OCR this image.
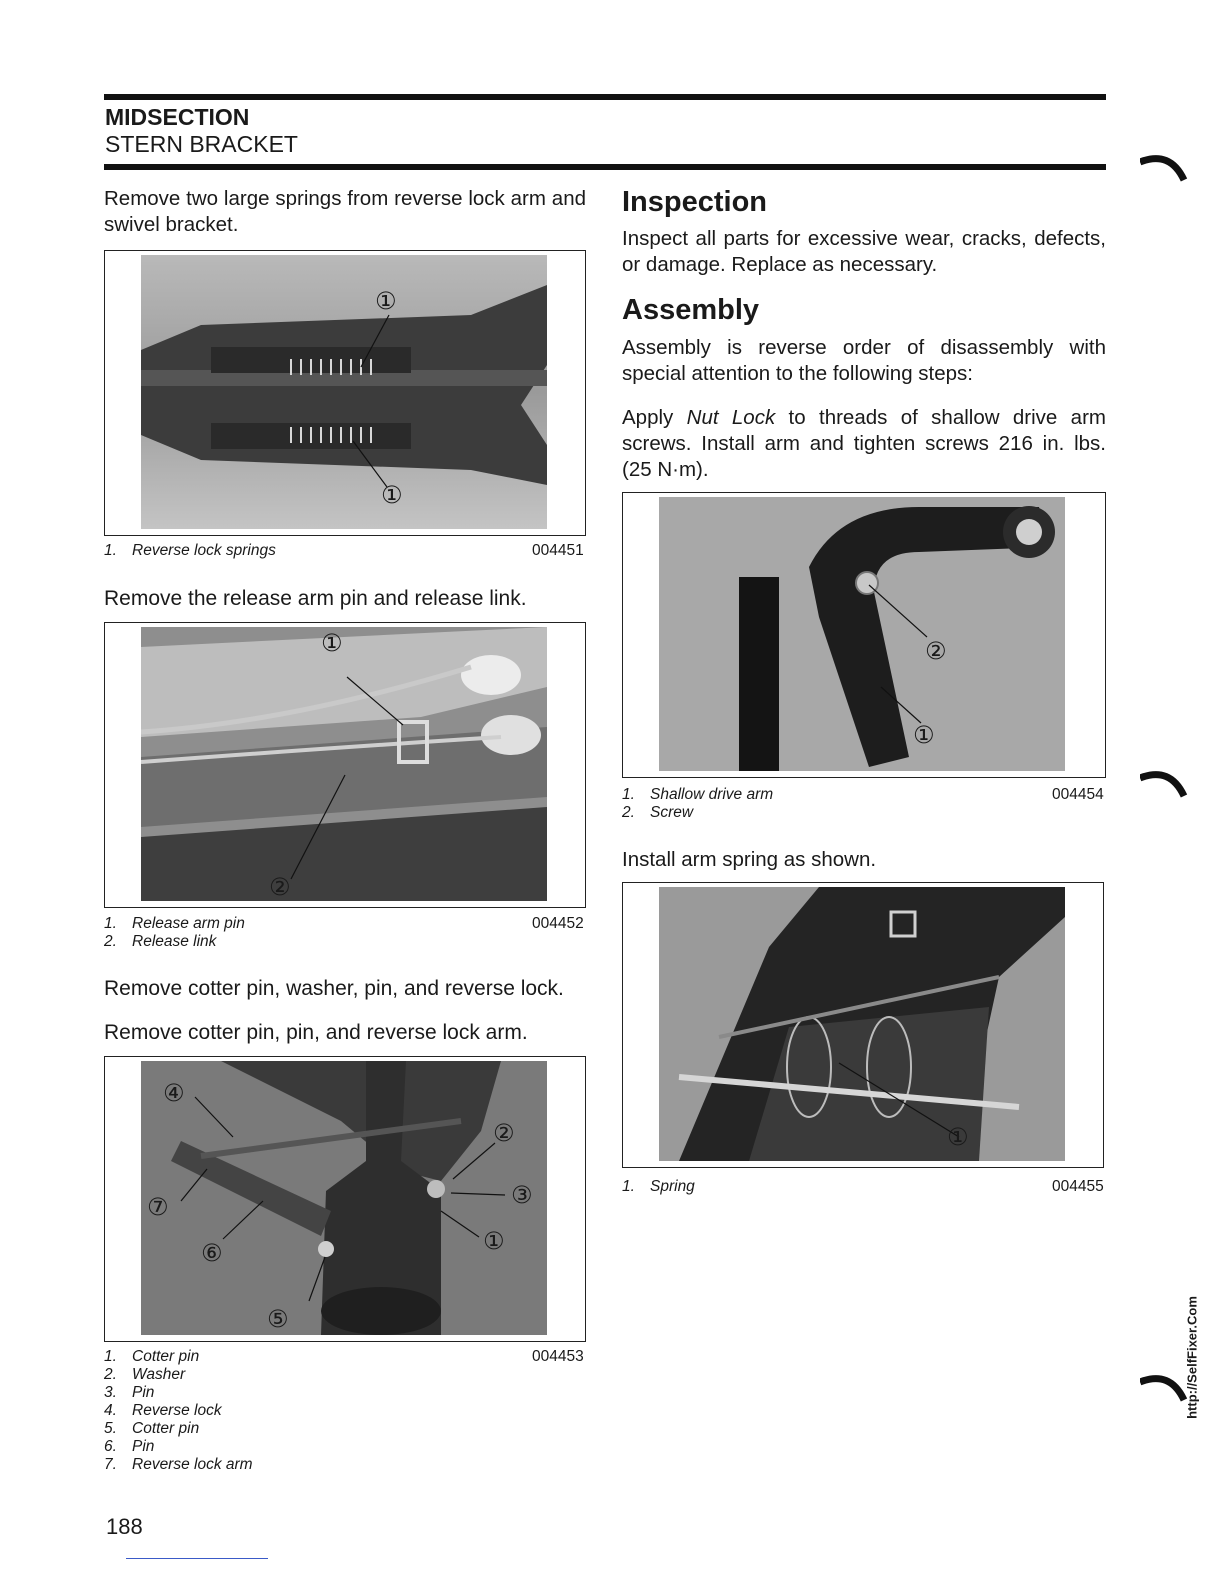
MIDSECTION
STERN BRACKET

Remove two large springs from reverse lock arm and swivel bracket.

①
①
1. Reverse lock springs	004451

Remove the release arm pin and release link.

①
②
1. Release arm pin
2. Release link
004452

Remove cotter pin, washer, pin, and reverse lock.

Remove cotter pin, pin, and reverse lock arm.

④
②
③
⑦
①
⑥
⑤
1. Cotter pin
2. Washer
3. Pin
4. Reverse lock
5. Cotter pin
6. Pin
7. Reverse lock arm
004453
Inspection

Inspect all parts for excessive wear, cracks, defects, or damage. Replace as necessary.

Assembly

Assembly is reverse order of disassembly with special attention to the following steps:

Apply Nut Lock to threads of shallow drive arm screws. Install arm and tighten screws 216 in. lbs. (25 N·m).

②
①
1. Shallow drive arm
2. Screw
004454

Install arm spring as shown.

①
1. Spring	004455
http://SelfFixer.Com
188
